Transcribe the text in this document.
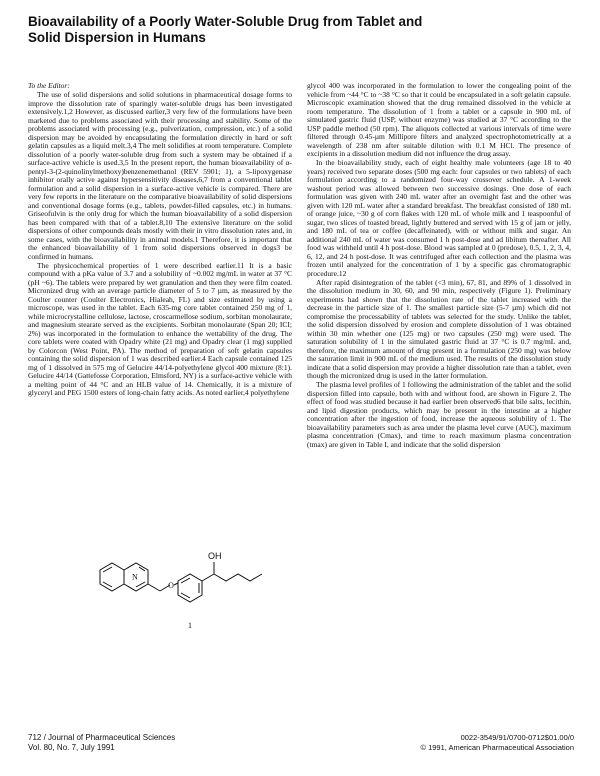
Bioavailability of a Poorly Water-Soluble Drug from Tablet and
Solid Dispersion in Humans

To the Editor:

The use of solid dispersions and solid solutions in pharmaceutical dosage forms to improve the dissolution rate of sparingly water-soluble drugs has been investigated extensively.1,2 However, as discussed earlier,3 very few of the formulations have been marketed due to problems associated with their processing and stability. Some of the problems associated with processing (e.g., pulverization, compression, etc.) of a solid dispersion may be avoided by encapsulating the formulation directly in hard or soft gelatin capsules as a liquid melt.3,4 The melt solidifies at room temperature. Complete dissolution of a poorly water-soluble drug from such a system may be obtained if a surface-active vehicle is used.3,5 In the present report, the human bioavailability of α-pentyl-3-(2-quinolinylmethoxy)benzenemethanol (REV 5901; 1), a 5-lipoxygenase inhibitor orally active against hypersensitivity diseases,6,7 from a conventional tablet formulation and a solid dispersion in a surface-active vehicle is compared. There are very few reports in the literature on the comparative bioavailability of solid dispersions and conventional dosage forms (e.g., tablets, powder-filled capsules, etc.) in humans. Griseofulvin is the only drug for which the human bioavailability of a solid dispersion has been compared with that of a tablet.8,10 The extensive literature on the solid dispersions of other compounds deals mostly with their in vitro dissolution rates and, in some cases, with the bioavailability in animal models.1 Therefore, it is important that the enhanced bioavailability of 1 from solid dispersions observed in dogs3 be confirmed in humans.

The physicochemical properties of 1 were described earlier.11 It is a basic compound with a pKa value of 3.7 and a solubility of ~0.002 mg/mL in water at 37 °C (pH ~6). The tablets were prepared by wet granulation and then they were film coated. Micronized drug with an average particle diameter of 5 to 7 µm, as measured by the Coulter counter (Coulter Electronics, Hialeah, FL) and size estimated by using a microscope, was used in the tablet. Each 635-mg core tablet contained 250 mg of 1, while microcrystalline cellulose, lactose, croscarmellose sodium, sorbitan monolaurate, and magnesium stearate served as the excipients. Sorbitan monolaurate (Span 20; ICI; 2%) was incorporated in the formulation to enhance the wettability of the drug. The core tablets were coated with Opadry white (21 mg) and Opadry clear (1 mg) supplied by Colorcon (West Point, PA). The method of preparation of soft gelatin capsules containing the solid dispersion of 1 was described earlier.4 Each capsule contained 125 mg of 1 dissolved in 575 mg of Gelucire 44/14-polyethylene glycol 400 mixture (8:1). Gelucire 44/14 (Gattefosse Corporation, Elmsford, NY) is a surface-active vehicle with a melting point of 44 °C and an HLB value of 14. Chemically, it is a mixture of glyceryl and PEG 1500 esters of long-chain fatty acids. As noted earlier,4 polyethylene

O
N
OH
1

glycol 400 was incorporated in the formulation to lower the congealing point of the vehicle from ~44 °C to ~38 °C so that it could be encapsulated in a soft gelatin capsule. Microscopic examination showed that the drug remained dissolved in the vehicle at room temperature. The dissolution of 1 from a tablet or a capsule in 900 mL of simulated gastric fluid (USP, without enzyme) was studied at 37 °C according to the USP paddle method (50 rpm). The aliquots collected at various intervals of time were filtered through 0.45-µm Millipore filters and analyzed spectrophotometrically at a wavelength of 238 nm after suitable dilution with 0.1 M HCl. The presence of excipients in a dissolution medium did not influence the drug assay.

In the bioavailability study, each of eight healthy male volunteers (age 18 to 40 years) received two separate doses (500 mg each: four capsules or two tablets) of each formulation according to a randomized four-way crossover schedule. A 1-week washout period was allowed between two successive dosings. One dose of each formulation was given with 240 mL water after an overnight fast and the other was given with 120 mL water after a standard breakfast. The breakfast consisted of 180 mL of orange juice, ~30 g of corn flakes with 120 mL of whole milk and 1 teaspoonful of sugar, two slices of toasted bread, lightly buttered and served with 15 g of jam or jelly, and 180 mL of tea or coffee (decaffeinated), with or without milk and sugar. An additional 240 mL of water was consumed 1 h post-dose and ad libitum thereafter. All food was withheld until 4 h post-dose. Blood was sampled at 0 (predose), 0.5, 1, 2, 3, 4, 6, 12, and 24 h post-dose. It was centrifuged after each collection and the plasma was frozen until analyzed for the concentration of 1 by a specific gas chromatographic procedure.12

After rapid disintegration of the tablet (<3 min), 67, 81, and 89% of 1 dissolved in the dissolution medium in 30, 60, and 90 min, respectively (Figure 1). Preliminary experiments had shown that the dissolution rate of the tablet increased with the decrease in the particle size of 1. The smallest particle size (5-7 µm) which did not compromise the processability of tablets was selected for the study. Unlike the tablet, the solid dispersion dissolved by erosion and complete dissolution of 1 was obtained within 30 min whether one (125 mg) or two capsules (250 mg) were used. The saturation solubility of 1 in the simulated gastric fluid at 37 °C is 0.7 mg/mL and, therefore, the maximum amount of drug present in a formulation (250 mg) was below the saturation limit in 900 mL of the medium used. The results of the dissolution study indicate that a solid dispersion may provide a higher dissolution rate than a tablet, even though the micronized drug is used in the latter formulation.

The plasma level profiles of 1 following the administration of the tablet and the solid dispersion filled into capsule, both with and without food, are shown in Figure 2. The effect of food was studied because it had earlier been observed6 that bile salts, lecithin, and lipid digestion products, which may be present in the intestine at a higher concentration after the ingestion of food, increase the aqueous solubility of 1. The bioavailability parameters such as area under the plasma level curve (AUC), maximum plasma concentration (Cmax), and time to reach maximum plasma concentration (tmax) are given in Table I, and indicate that the solid dispersion

712 / Journal of Pharmaceutical Sciences
Vol. 80, No. 7, July 1991
0022-3549/91/0700-0712$01.00/0
© 1991, American Pharmaceutical Association
